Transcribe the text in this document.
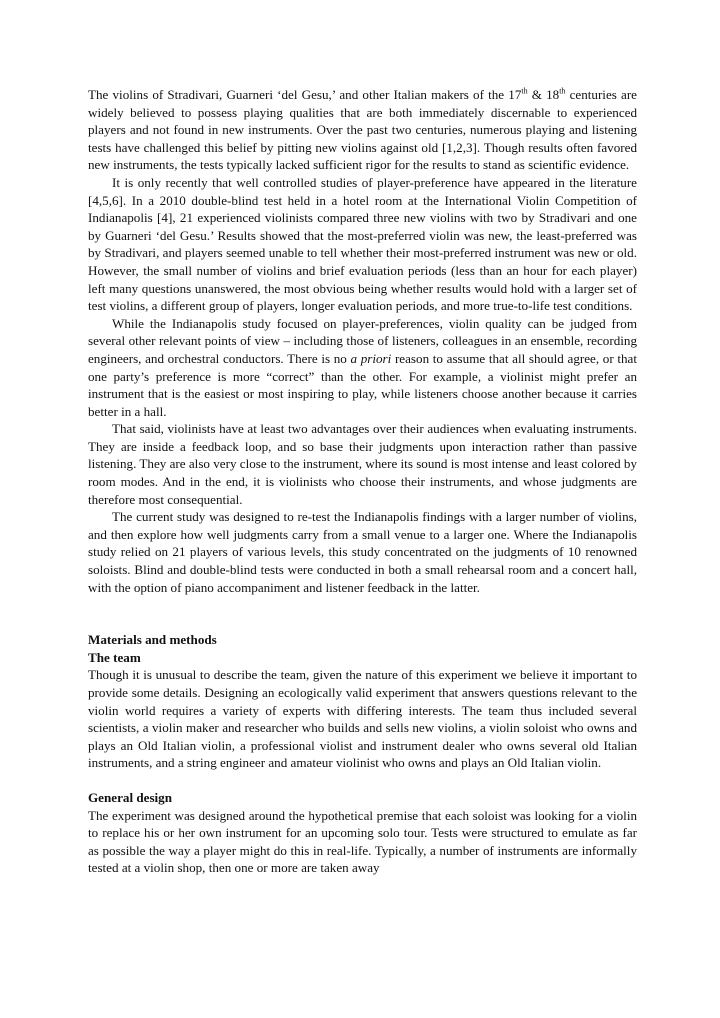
The violins of Stradivari, Guarneri ‘del Gesu,’ and other Italian makers of the 17th & 18th centuries are widely believed to possess playing qualities that are both immediately discernable to experienced players and not found in new instruments. Over the past two centuries, numerous playing and listening tests have challenged this belief by pitting new violins against old [1,2,3]. Though results often favored new instruments, the tests typically lacked sufficient rigor for the results to stand as scientific evidence.

It is only recently that well controlled studies of player-preference have appeared in the literature [4,5,6]. In a 2010 double-blind test held in a hotel room at the International Violin Competition of Indianapolis [4], 21 experienced violinists compared three new violins with two by Stradivari and one by Guarneri ‘del Gesu.’ Results showed that the most-preferred violin was new, the least-preferred was by Stradivari, and players seemed unable to tell whether their most-preferred instrument was new or old. However, the small number of violins and brief evaluation periods (less than an hour for each player) left many questions unanswered, the most obvious being whether results would hold with a larger set of test violins, a different group of players, longer evaluation periods, and more true-to-life test conditions.

While the Indianapolis study focused on player-preferences, violin quality can be judged from several other relevant points of view – including those of listeners, colleagues in an ensemble, recording engineers, and orchestral conductors. There is no a priori reason to assume that all should agree, or that one party’s preference is more “correct” than the other. For example, a violinist might prefer an instrument that is the easiest or most inspiring to play, while listeners choose another because it carries better in a hall.

That said, violinists have at least two advantages over their audiences when evaluating instruments. They are inside a feedback loop, and so base their judgments upon interaction rather than passive listening. They are also very close to the instrument, where its sound is most intense and least colored by room modes. And in the end, it is violinists who choose their instruments, and whose judgments are therefore most consequential.

The current study was designed to re-test the Indianapolis findings with a larger number of violins, and then explore how well judgments carry from a small venue to a larger one. Where the Indianapolis study relied on 21 players of various levels, this study concentrated on the judgments of 10 renowned soloists. Blind and double-blind tests were conducted in both a small rehearsal room and a concert hall, with the option of piano accompaniment and listener feedback in the latter.

Materials and methods

The team

Though it is unusual to describe the team, given the nature of this experiment we believe it important to provide some details. Designing an ecologically valid experiment that answers questions relevant to the violin world requires a variety of experts with differing interests. The team thus included several scientists, a violin maker and researcher who builds and sells new violins, a violin soloist who owns and plays an Old Italian violin, a professional violist and instrument dealer who owns several old Italian instruments, and a string engineer and amateur violinist who owns and plays an Old Italian violin.

General design

The experiment was designed around the hypothetical premise that each soloist was looking for a violin to replace his or her own instrument for an upcoming solo tour. Tests were structured to emulate as far as possible the way a player might do this in real-life. Typically, a number of instruments are informally tested at a violin shop, then one or more are taken away
